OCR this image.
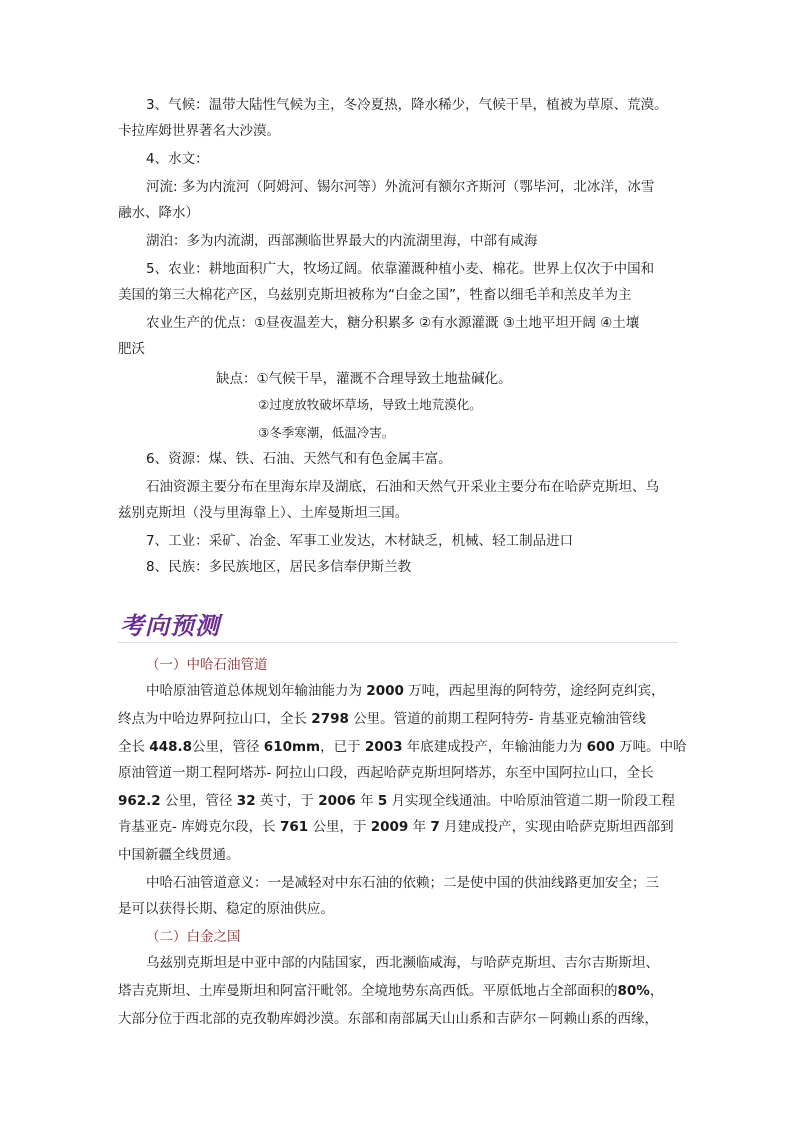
3、气候：温带大陆性气候为主，冬冷夏热，降水稀少，气候干旱，植被为草原、荒漠。

卡拉库姆世界著名大沙漠。

4、水文：

河流: 多为内流河（阿姆河、锡尔河等）外流河有额尔齐斯河（鄂毕河，北冰洋，冰雪

融水、降水）

湖泊：多为内流湖，西部濒临世界最大的内流湖里海，中部有咸海

5、农业：耕地面积广大，牧场辽阔。依靠灌溉种植小麦、棉花。世界上仅次于中国和

美国的第三大棉花产区，乌兹别克斯坦被称为“白金之国”，牲畜以细毛羊和羔皮羊为主

农业生产的优点：①昼夜温差大，糖分积累多 ②有水源灌溉 ③土地平坦开阔 ④土壤

肥沃

缺点：①气候干旱，灌溉不合理导致土地盐碱化。

②过度放牧破坏草场，导致土地荒漠化。

③冬季寒潮，低温冷害。

6、资源：煤、铁、石油、天然气和有色金属丰富。

石油资源主要分布在里海东岸及湖底，石油和天然气开采业主要分布在哈萨克斯坦、乌

兹别克斯坦（没与里海靠上）、土库曼斯坦三国。

7、工业：采矿、冶金、军事工业发达，木材缺乏，机械、轻工制品进口

8、民族：多民族地区，居民多信奉伊斯兰教

考向预测

（一）中哈石油管道

中哈原油管道总体规划年输油能力为 2000 万吨，西起里海的阿特劳，途经阿克纠宾，

终点为中哈边界阿拉山口，全长 2798 公里。管道的前期工程阿特劳- 肯基亚克输油管线

全长 448.8公里，管径 610mm，已于 2003 年底建成投产，年输油能力为 600 万吨。中哈

原油管道一期工程阿塔苏- 阿拉山口段，西起哈萨克斯坦阿塔苏，东至中国阿拉山口，全长

962.2 公里，管径 32 英寸，于 2006 年 5 月实现全线通油。中哈原油管道二期一阶段工程

肯基亚克- 库姆克尔段，长 761 公里，于 2009 年 7 月建成投产，实现由哈萨克斯坦西部到

中国新疆全线贯通。

中哈石油管道意义：一是减轻对中东石油的依赖；二是使中国的供油线路更加安全；三

是可以获得长期、稳定的原油供应。

（二）白金之国

乌兹别克斯坦是中亚中部的内陆国家，西北濒临咸海，与哈萨克斯坦、吉尔吉斯斯坦、

塔吉克斯坦、土库曼斯坦和阿富汗毗邻。全境地势东高西低。平原低地占全部面积的80%，

大部分位于西北部的克孜勒库姆沙漠。东部和南部属天山山系和吉萨尔－阿赖山系的西缘，
